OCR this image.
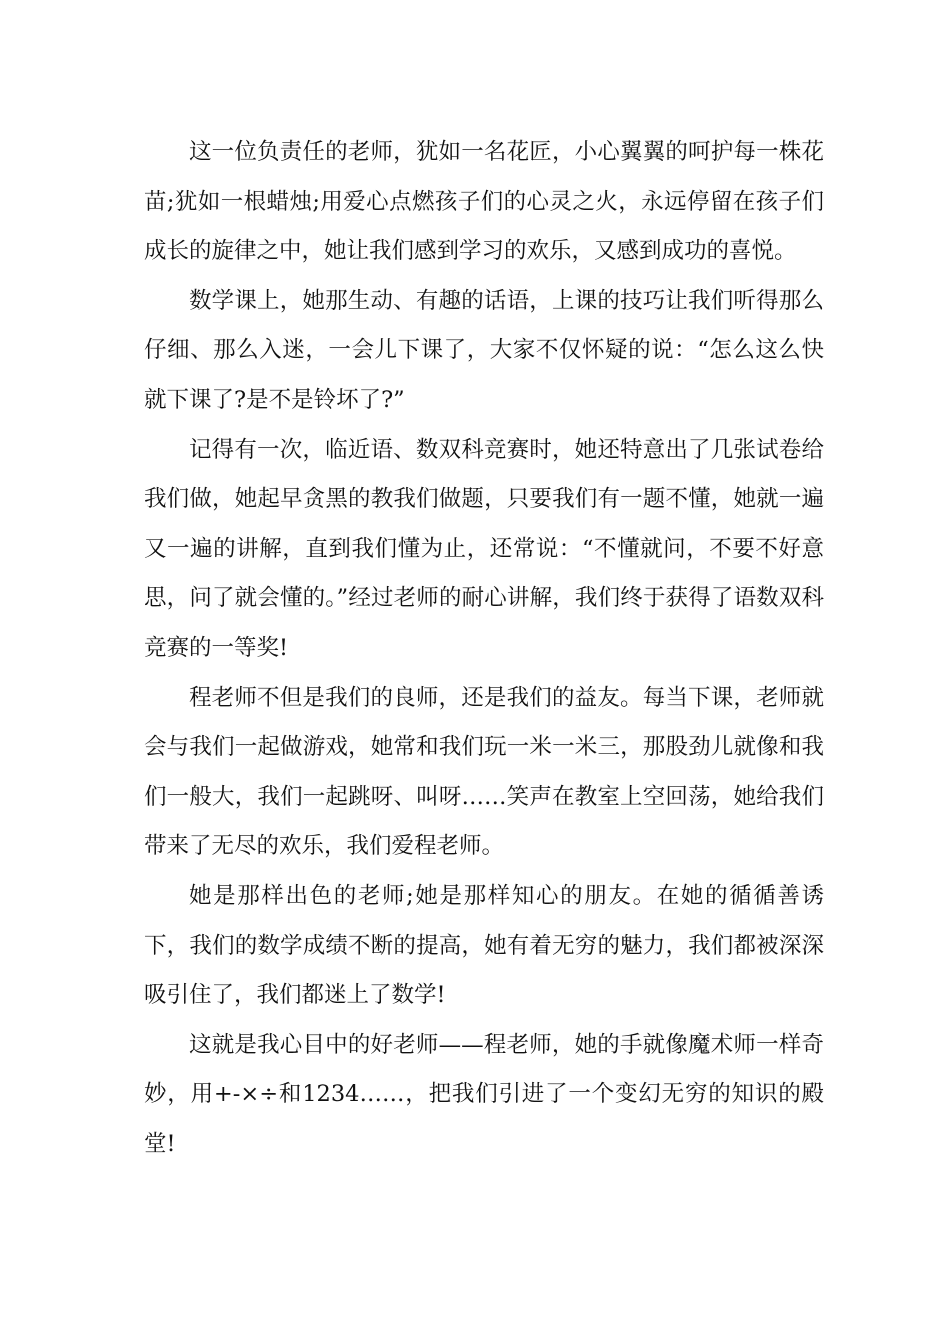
这一位负责任的老师，犹如一名花匠，小心翼翼的呵护每一株花苗;犹如一根蜡烛;用爱心点燃孩子们的心灵之火，永远停留在孩子们成长的旋律之中，她让我们感到学习的欢乐，又感到成功的喜悦。

数学课上，她那生动、有趣的话语，上课的技巧让我们听得那么仔细、那么入迷，一会儿下课了，大家不仅怀疑的说：“怎么这么快就下课了?是不是铃坏了?”

记得有一次，临近语、数双科竞赛时，她还特意出了几张试卷给我们做，她起早贪黑的教我们做题，只要我们有一题不懂，她就一遍又一遍的讲解，直到我们懂为止，还常说：“不懂就问，不要不好意思，问了就会懂的。”经过老师的耐心讲解，我们终于获得了语数双科竞赛的一等奖!

程老师不但是我们的良师，还是我们的益友。每当下课，老师就会与我们一起做游戏，她常和我们玩一米一米三，那股劲儿就像和我们一般大，我们一起跳呀、叫呀……笑声在教室上空回荡，她给我们带来了无尽的欢乐，我们爱程老师。

她是那样出色的老师;她是那样知心的朋友。在她的循循善诱下，我们的数学成绩不断的提高，她有着无穷的魅力，我们都被深深吸引住了，我们都迷上了数学!

这就是我心目中的好老师——程老师，她的手就像魔术师一样奇妙，用+-×÷和1234……，把我们引进了一个变幻无穷的知识的殿堂!
